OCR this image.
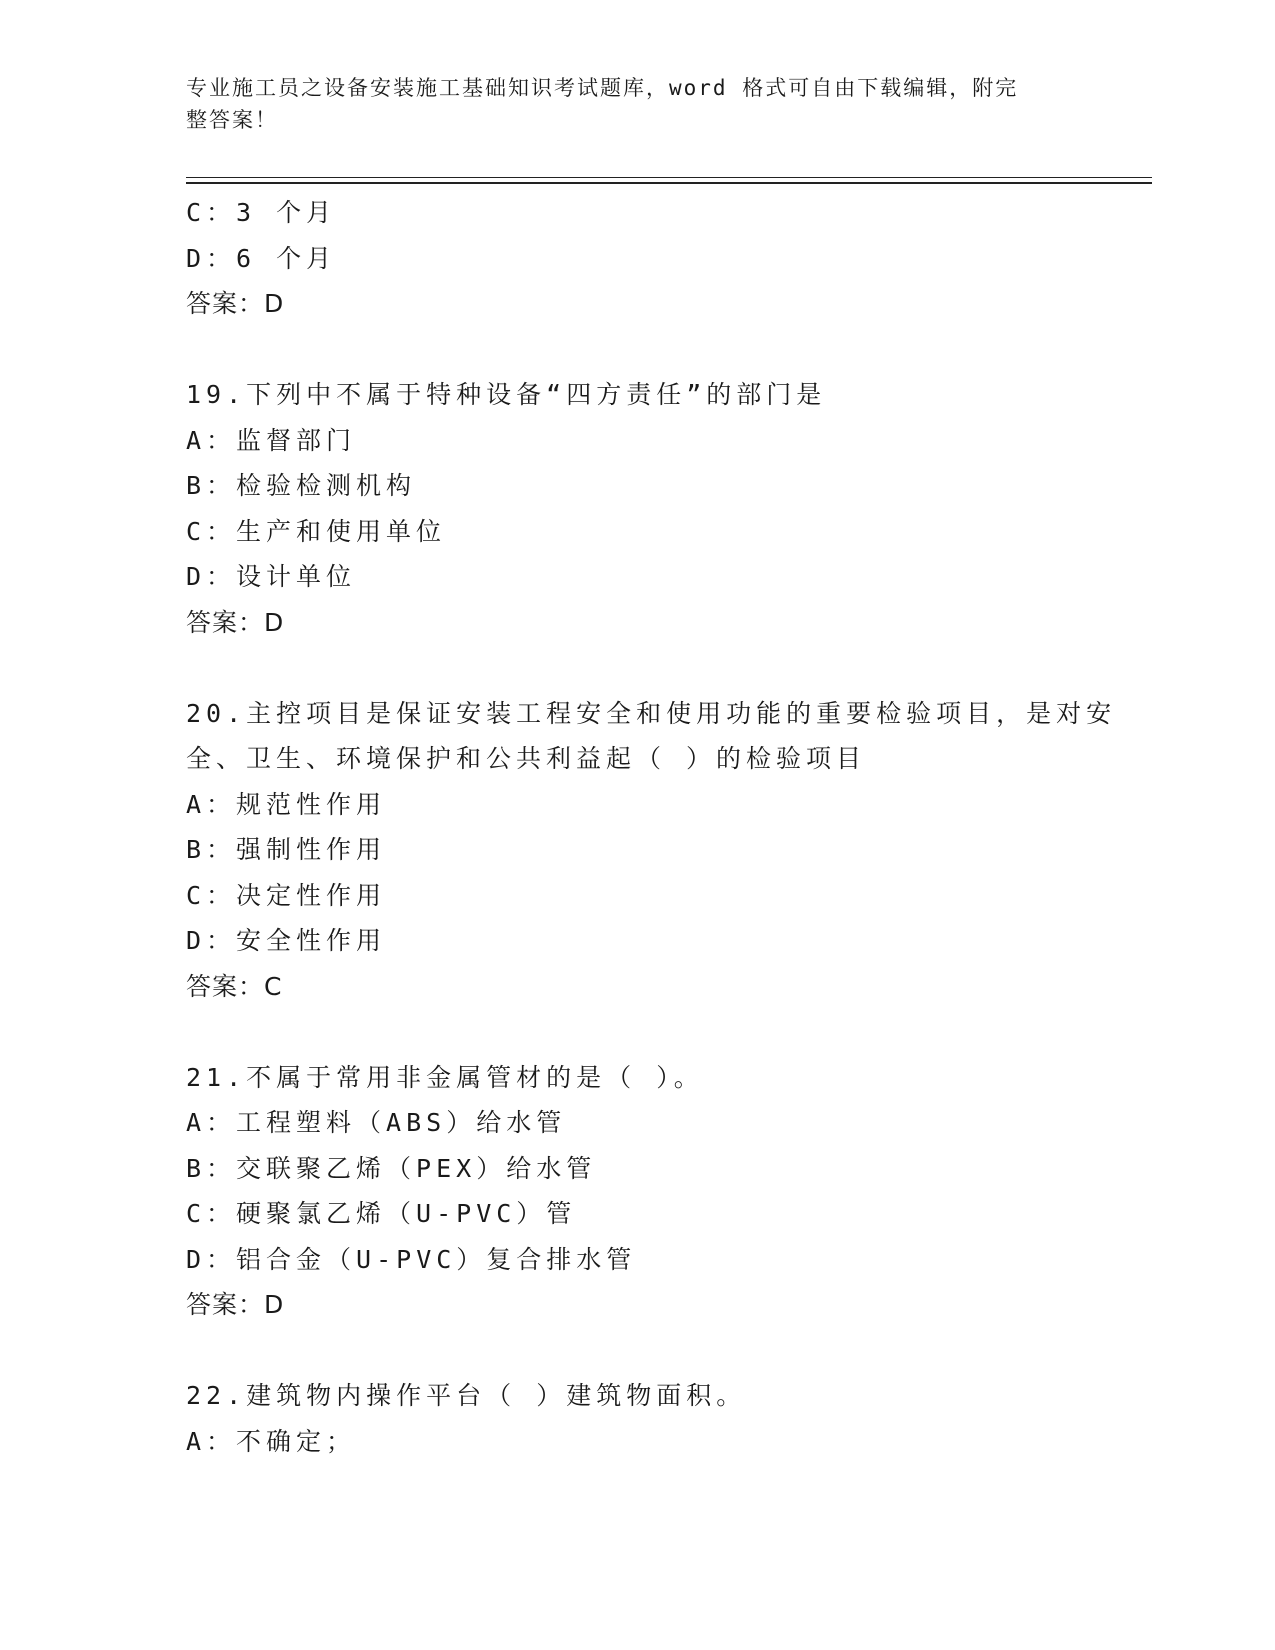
专业施工员之设备安装施工基础知识考试题库，word 格式可自由下载编辑，附完
整答案！
C：3 个月
D：6 个月
答案：D
19.下列中不属于特种设备“四方责任”的部门是
A：监督部门
B：检验检测机构
C：生产和使用单位
D：设计单位
答案：D
20.主控项目是保证安装工程安全和使用功能的重要检验项目，是对安
全、卫生、环境保护和公共利益起（ ）的检验项目
A：规范性作用
B：强制性作用
C：决定性作用
D：安全性作用
答案：C
21.不属于常用非金属管材的是（ ）。
A：工程塑料（ABS）给水管
B：交联聚乙烯（PEX）给水管
C：硬聚氯乙烯（U-PVC）管
D：铝合金（U-PVC）复合排水管
答案：D
22.建筑物内操作平台（ ）建筑物面积。
A：不确定；
